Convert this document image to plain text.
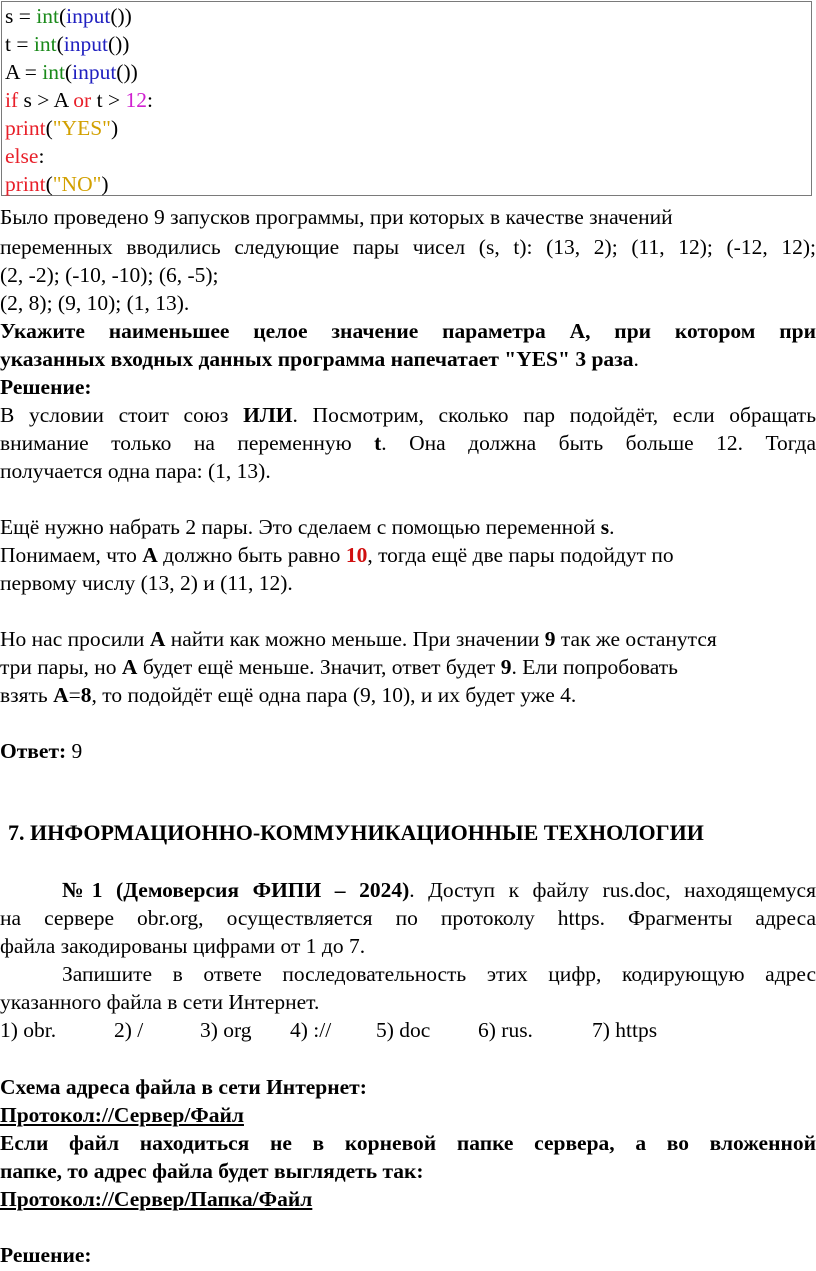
s = int(input())
t = int(input())
A = int(input())
if s > A or t > 12:
print("YES")
else:
print("NO")
Было проведено 9 запусков программы, при которых в качестве значений
переменных вводились следующие пары чисел (s, t): (13, 2); (11, 12); (-12, 12);
(2, -2); (-10, -10); (6, -5);
(2, 8); (9, 10); (1, 13).
Укажите наименьшее целое значение параметра А, при котором при
указанных входных данных программа напечатает "YES" 3 раза.
Решение:
В условии стоит союз ИЛИ. Посмотрим, сколько пар подойдёт, если обращать
внимание только на переменную t. Она должна быть больше 12. Тогда
получается одна пара: (1, 13).
Ещё нужно набрать 2 пары. Это сделаем с помощью переменной s.
Понимаем, что А должно быть равно 10, тогда ещё две пары подойдут по
первому числу (13, 2) и (11, 12).
Но нас просили А найти как можно меньше. При значении 9 так же останутся
три пары, но А будет ещё меньше. Значит, ответ будет 9. Ели попробовать
взять А=8, то подойдёт ещё одна пара (9, 10), и их будет уже 4.
Ответ: 9
7. ИНФОРМАЦИОННО-КОММУНИКАЦИОННЫЕ ТЕХНОЛОГИИ
№1 (Демоверсия ФИПИ – 2024). Доступ к файлу rus.doc, находящемуся
на сервере obr.org, осуществляется по протоколу https. Фрагменты адреса
файла закодированы цифрами от 1 до 7.
Запишите в ответе последовательность этих цифр, кодирующую адрес
указанного файла в сети Интернет.
1) obr.	2) /	3) org 4) :// 5) doc 6) rus.	7) https
Схема адреса файла в сети Интернет:
Протокол://Сервер/Файл
Если файл находиться не в корневой папке сервера, а во вложенной
папке, то адрес файла будет выглядеть так:
Протокол://Сервер/Папка/Файл
Решение:
